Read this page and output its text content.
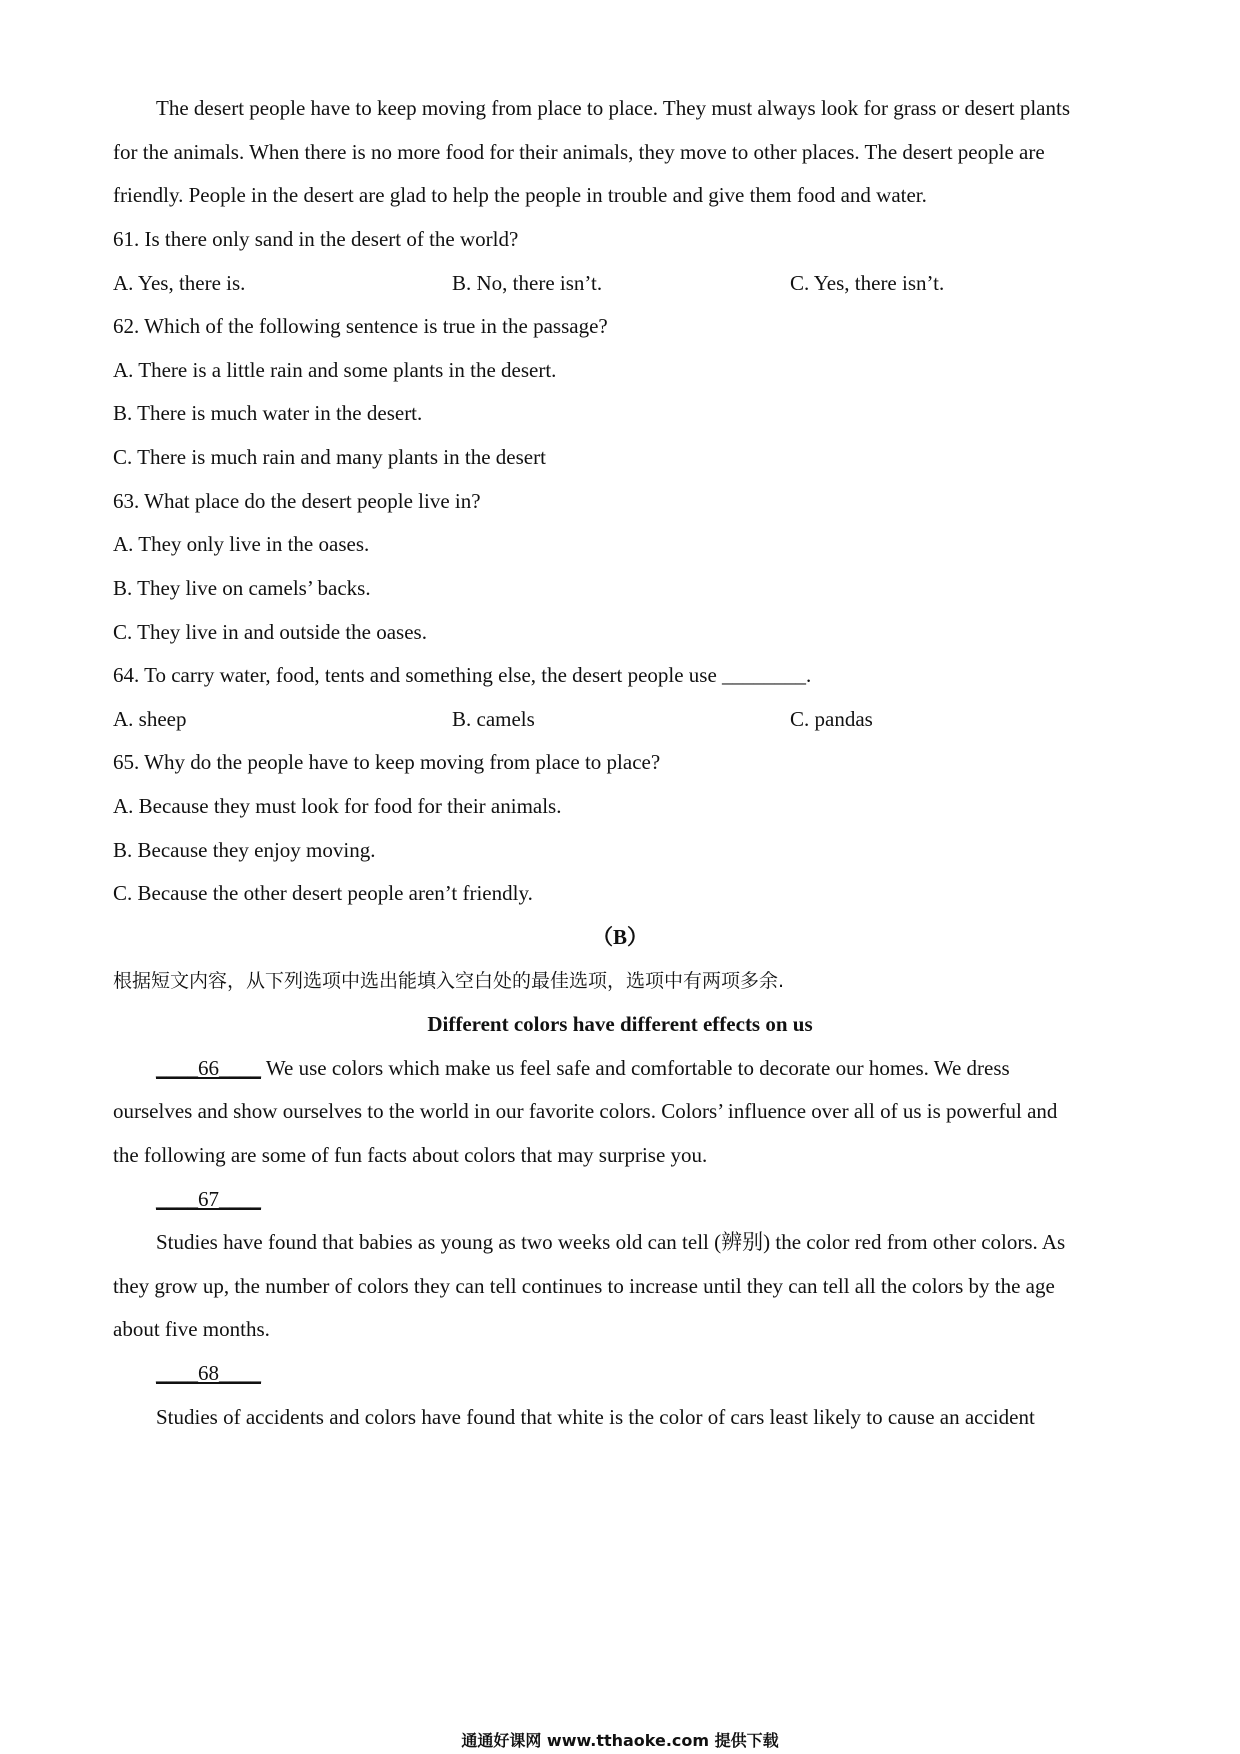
The desert people have to keep moving from place to place. They must always look for grass or desert plants
for the animals. When there is no more food for their animals, they move to other places. The desert people are
friendly. People in the desert are glad to help the people in trouble and give them food and water.
61. Is there only sand in the desert of the world?
A. Yes, there is.	B. No, there isn’t.	C. Yes, there isn’t.
62. Which of the following sentence is true in the passage?
A. There is a little rain and some plants in the desert.
B. There is much water in the desert.
C. There is much rain and many plants in the desert
63. What place do the desert people live in?
A. They only live in the oases.
B. They live on camels’ backs.
C. They live in and outside the oases.
64. To carry water, food, tents and something else, the desert people use ________.
A. sheep	B. camels	C. pandas
65. Why do the people have to keep moving from place to place?
A. Because they must look for food for their animals.
B. Because they enjoy moving.
C. Because the other desert people aren’t friendly.
（B）
根据短文内容，从下列选项中选出能填入空白处的最佳选项，选项中有两项多余.
Different colors have different effects on us
____66____ We use colors which make us feel safe and comfortable to decorate our homes. We dress
ourselves and show ourselves to the world in our favorite colors. Colors’ influence over all of us is powerful and
the following are some of fun facts about colors that may surprise you.
____67____
Studies have found that babies as young as two weeks old can tell (辨别) the color red from other colors. As
they grow up, the number of colors they can tell continues to increase until they can tell all the colors by the age
about five months.
____68____
Studies of accidents and colors have found that white is the color of cars least likely to cause an accident
通通好课网 www.tthaoke.com 提供下载
